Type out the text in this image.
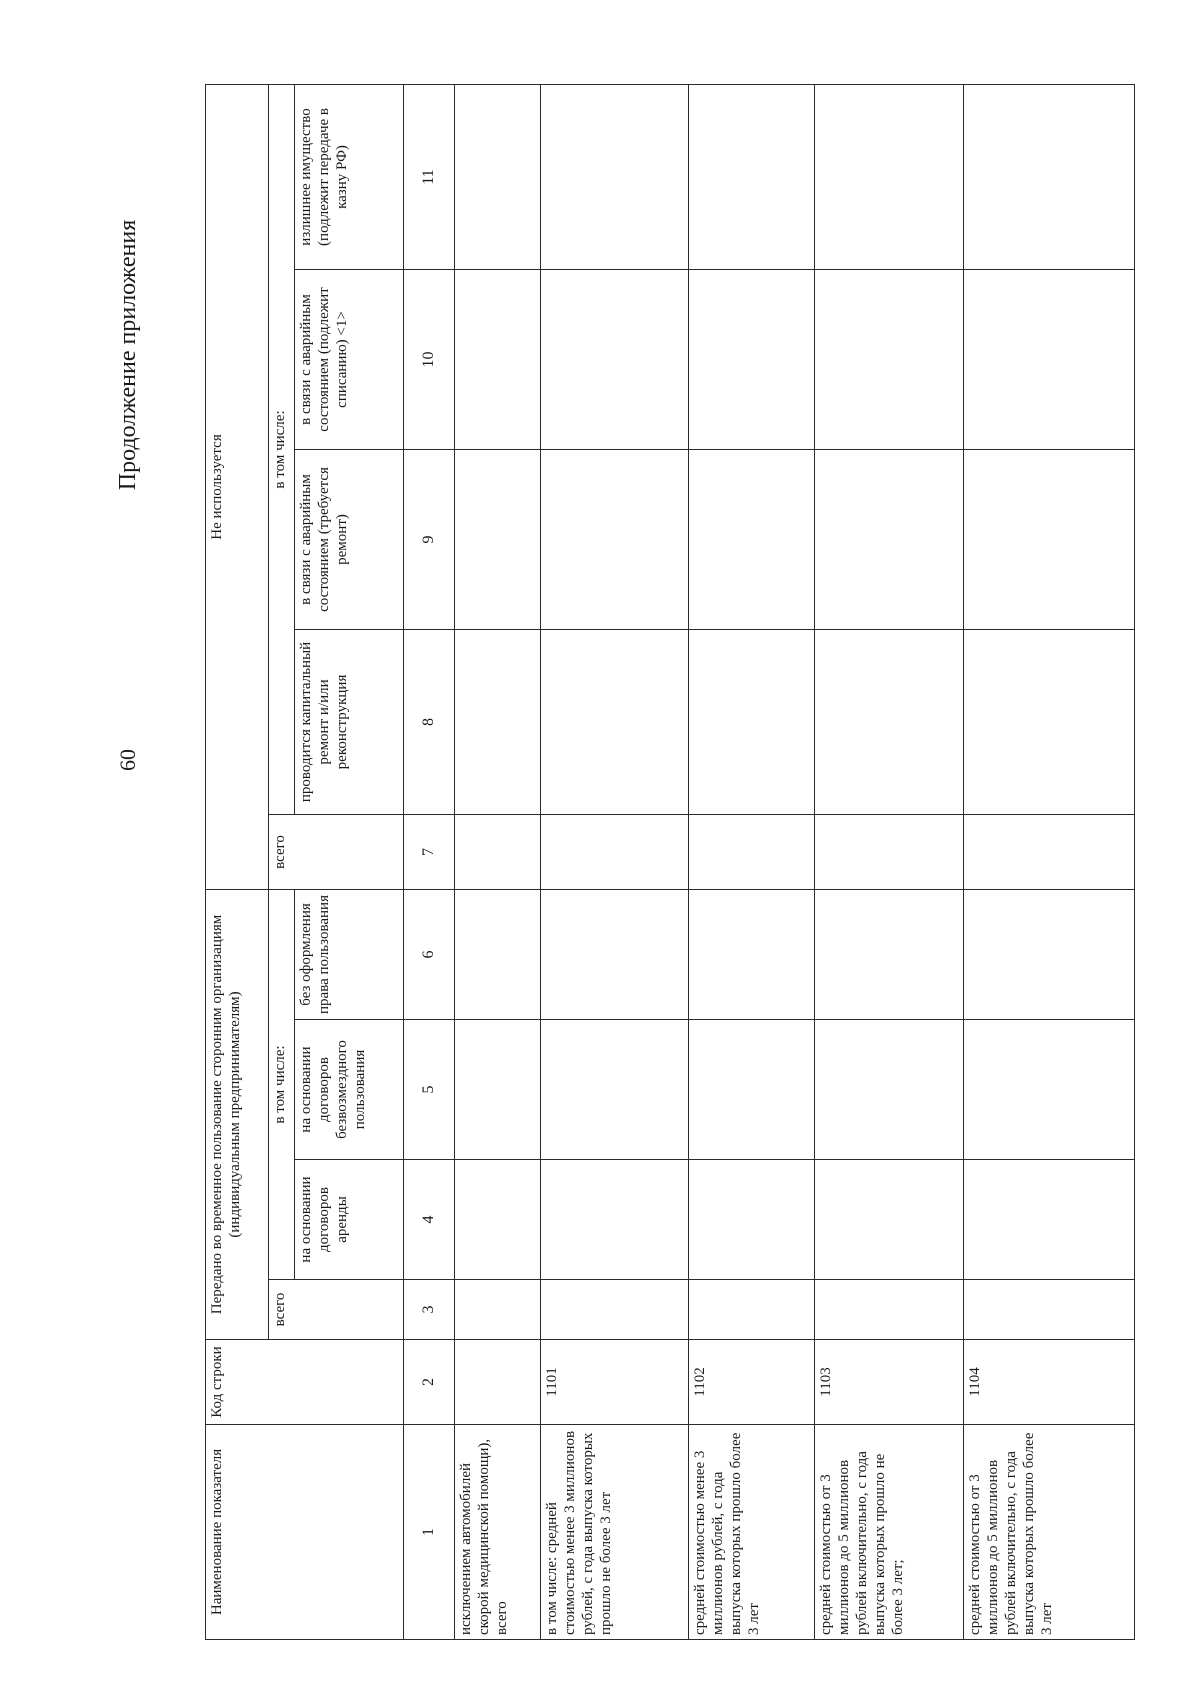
60
Продолжение приложения
Наименование показателя	Код строки	Передано во временное пользование сторонним организациям (индивидуальным предпринимателям)				Не используется				
		всего	в том числе:			всего	в том числе:			
			на основании договоров аренды	на основании договоров безвозмездного пользования	без оформления права пользования		проводится капитальный ремонт и/или реконструкция	в связи с аварийным состоянием (требуется ремонт)	в связи с аварийным состоянием (подлежит списанию) <1>	излишнее имущество (подлежит передаче в казну РФ)
1	2	3	4	5	6	7	8	9	10	11
исключением автомобилей скорой медицинской помощи), всего										
в том числе: средней стоимостью менее 3 миллионов рублей, с года выпуска которых прошло не более 3 лет	1101									
средней стоимостью менее 3 миллионов рублей, с года выпуска которых прошло более 3 лет	1102									
средней стоимостью от 3 миллионов до 5 миллионов рублей включительно, с года выпуска которых прошло не более 3 лет;	1103									
средней стоимостью от 3 миллионов до 5 миллионов рублей включительно, с года выпуска которых прошло более 3 лет	1104									
